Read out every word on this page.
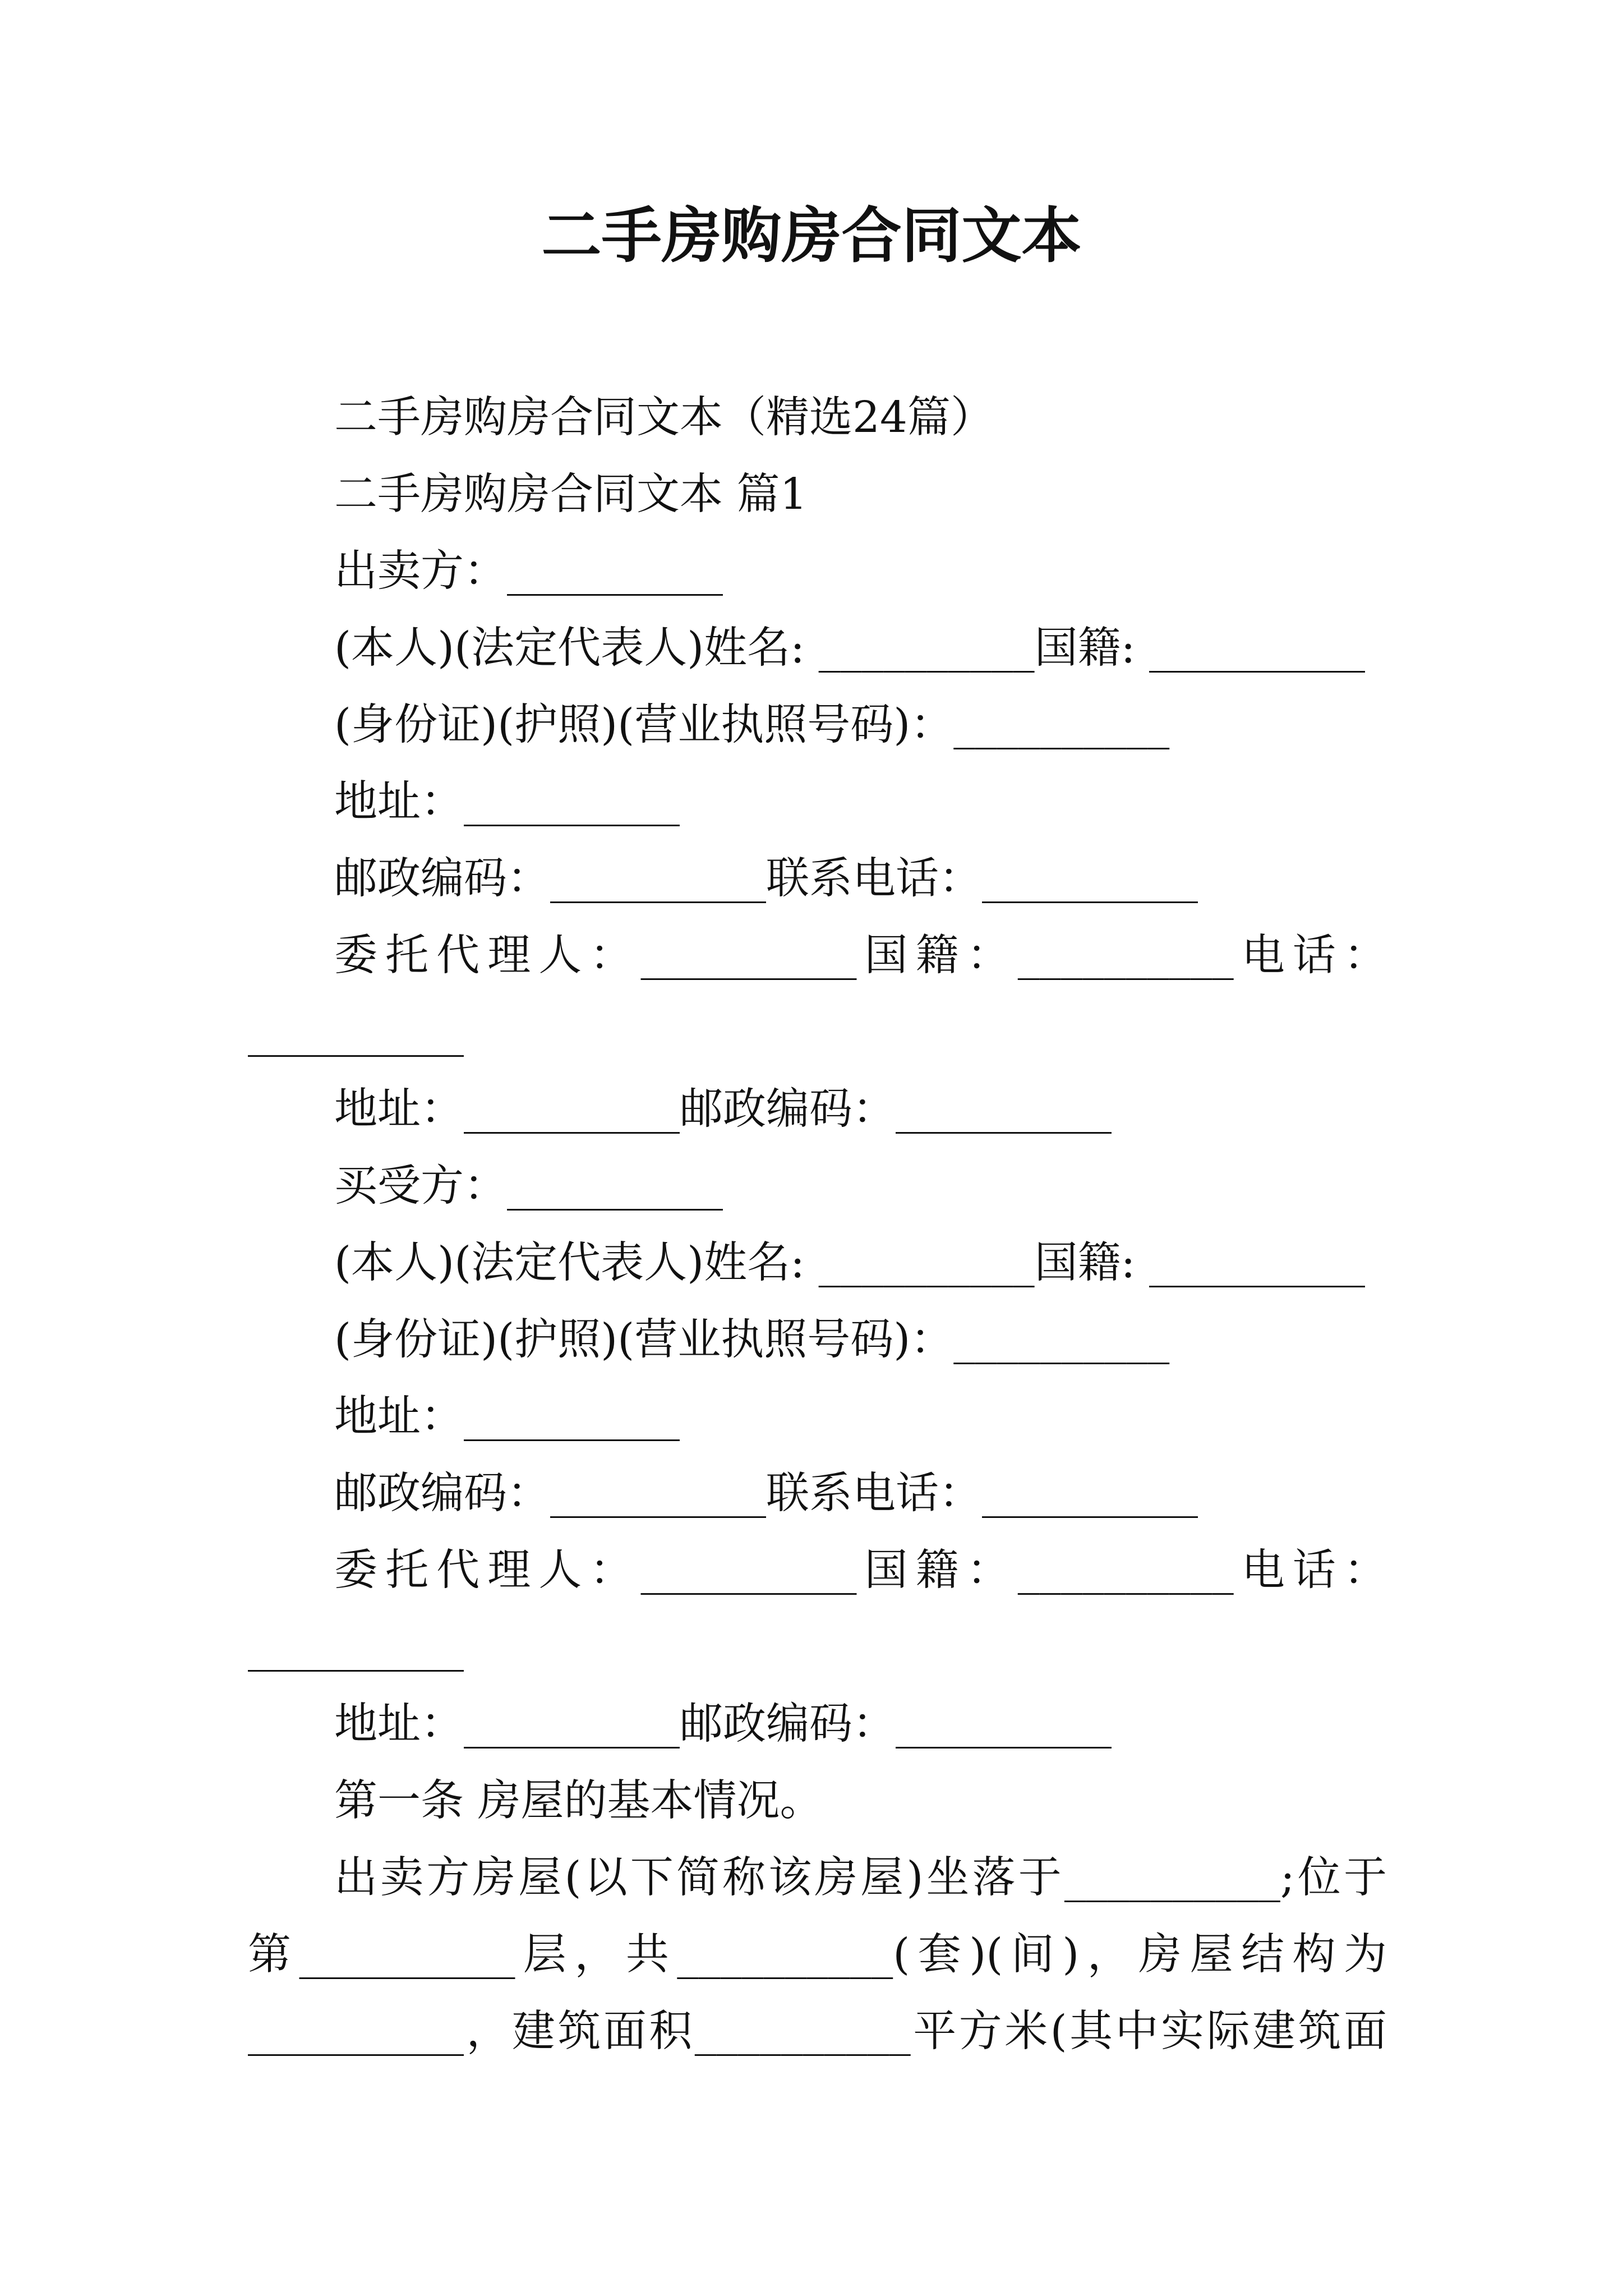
二手房购房合同文本
二手房购房合同文本（精选24篇）
二手房购房合同文本 篇1
出卖方：__________
(本人)(法定代表人)姓名: __________国籍: __________
(身份证)(护照)(营业执照号码)：__________
地址：__________
邮政编码：__________联系电话：__________
委托代理人：__________国籍：__________电话：
__________
地址：__________邮政编码：__________
买受方：__________
(本人)(法定代表人)姓名: __________国籍: __________
(身份证)(护照)(营业执照号码)：__________
地址：__________
邮政编码：__________联系电话：__________
委托代理人：__________国籍：__________电话：
__________
地址：__________邮政编码：__________
第一条 房屋的基本情况。
出卖方房屋(以下简称该房屋)坐落于__________;位于
第__________层，共__________(套)(间)，房屋结构为
__________，建筑面积__________平方米(其中实际建筑面
